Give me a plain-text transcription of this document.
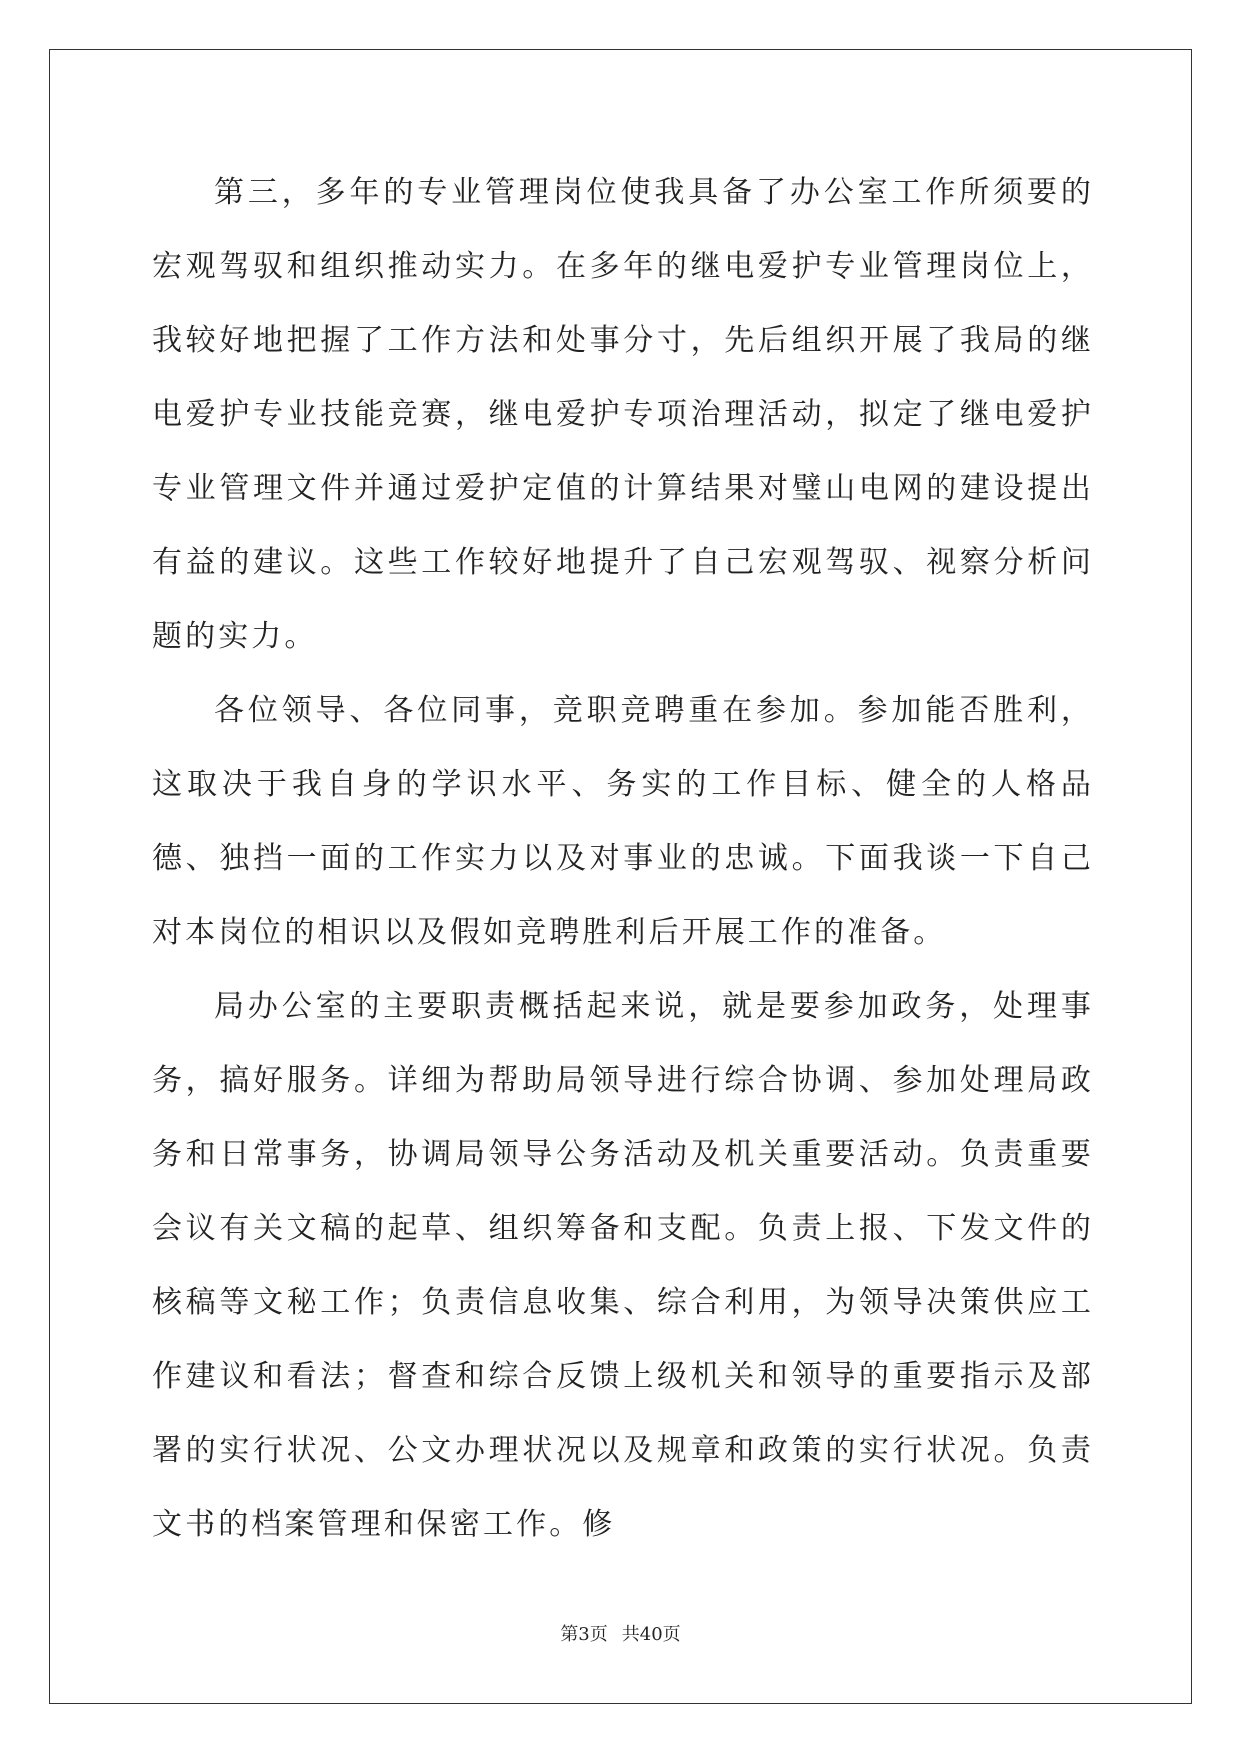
第三，多年的专业管理岗位使我具备了办公室工作所须要的宏观驾驭和组织推动实力。在多年的继电爱护专业管理岗位上，我较好地把握了工作方法和处事分寸，先后组织开展了我局的继电爱护专业技能竞赛，继电爱护专项治理活动，拟定了继电爱护专业管理文件并通过爱护定值的计算结果对璧山电网的建设提出有益的建议。这些工作较好地提升了自己宏观驾驭、视察分析问题的实力。

各位领导、各位同事，竞职竞聘重在参加。参加能否胜利，这取决于我自身的学识水平、务实的工作目标、健全的人格品德、独挡一面的工作实力以及对事业的忠诚。下面我谈一下自己对本岗位的相识以及假如竞聘胜利后开展工作的准备。

局办公室的主要职责概括起来说，就是要参加政务，处理事务，搞好服务。详细为帮助局领导进行综合协调、参加处理局政务和日常事务，协调局领导公务活动及机关重要活动。负责重要会议有关文稿的起草、组织筹备和支配。负责上报、下发文件的核稿等文秘工作；负责信息收集、综合利用，为领导决策供应工作建议和看法；督查和综合反馈上级机关和领导的重要指示及部署的实行状况、公文办理状况以及规章和政策的实行状况。负责文书的档案管理和保密工作。修

第3页 共40页
